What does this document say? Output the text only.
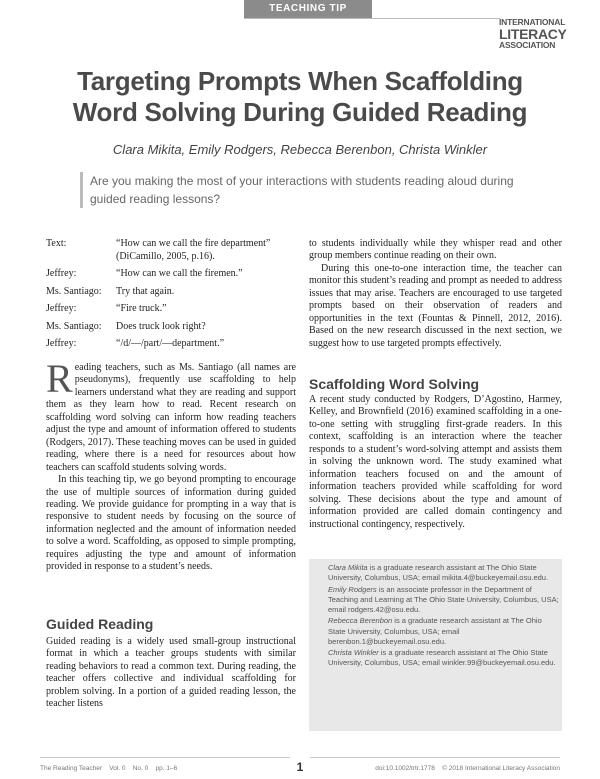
TEACHING TIP
INTERNATIONAL
LITERACY
ASSOCIATION
Targeting Prompts When Scaffolding
Word Solving During Guided Reading
Clara Mikita, Emily Rodgers, Rebecca Berenbon, Christa Winkler
Are you making the most of your interactions with students reading aloud during guided reading lessons?
Text:	“How can we call the fire department” (DiCamillo, 2005, p.16).
Jeffrey:	“How can we call the firemen.”
Ms. Santiago:	Try that again.
Jeffrey:	“Fire truck.”
Ms. Santiago:	Does truck look right?
Jeffrey:	“/d/—/part/—department.”

Reading teachers, such as Ms. Santiago (all names are pseudonyms), frequently use scaffolding to help learners understand what they are reading and support them as they learn how to read. Recent research on scaffolding word solving can inform how reading teachers adjust the type and amount of information offered to students (Rodgers, 2017). These teaching moves can be used in guided reading, where there is a need for resources about how teachers can scaffold students solving words.

In this teaching tip, we go beyond prompting to encourage the use of multiple sources of information during guided reading. We provide guidance for prompting in a way that is responsive to student needs by focusing on the source of information neglected and the amount of information needed to solve a word. Scaffolding, as opposed to simple prompting, requires adjusting the type and amount of information provided in response to a student’s needs.

Guided Reading

Guided reading is a widely used small-group instructional format in which a teacher groups students with similar reading behaviors to read a common text. During reading, the teacher offers collective and individual scaffolding for problem solving. In a portion of a guided reading lesson, the teacher listens

to students individually while they whisper read and other group members continue reading on their own.

During this one-to-one interaction time, the teacher can monitor this student’s reading and prompt as needed to address issues that may arise. Teachers are encouraged to use targeted prompts based on their observation of readers and opportunities in the text (Fountas & Pinnell, 2012, 2016). Based on the new research discussed in the next section, we suggest how to use targeted prompts effectively.

Scaffolding Word Solving

A recent study conducted by Rodgers, D’Agostino, Harmey, Kelley, and Brownfield (2016) examined scaffolding in a one-to-one setting with struggling first-grade readers. In this context, scaffolding is an interaction where the teacher responds to a student’s word-solving attempt and assists them in solving the unknown word. The study examined what information teachers focused on and the amount of information teachers provided while scaffolding for word solving. These decisions about the type and amount of information provided are called domain contingency and instructional contingency, respectively.

Clara Mikita is a graduate research assistant at The Ohio State University, Columbus, USA; email mikita.4@buckeyemail.osu.edu.

Emily Rodgers is an associate professor in the Department of Teaching and Learning at The Ohio State University, Columbus, USA; email rodgers.42@osu.edu.

Rebecca Berenbon is a graduate research assistant at The Ohio State University, Columbus, USA; email berenbon.1@buckeyemail.osu.edu.

Christa Winkler is a graduate research assistant at The Ohio State University, Columbus, USA; email winkler.99@buckeyemail.osu.edu.

The Reading Teacher    Vol. 0    No. 0    pp. 1–6	1	doi:10.1002/trtr.1778    © 2018 International Literacy Association
